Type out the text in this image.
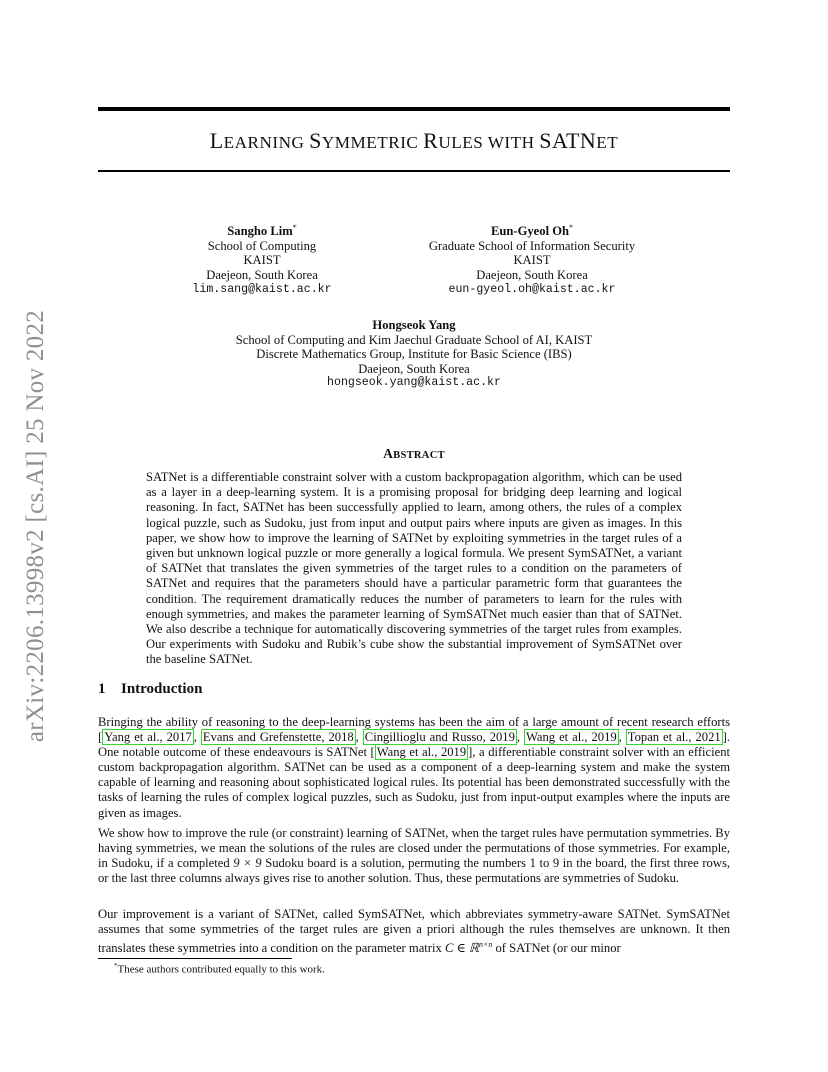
arXiv:2206.13998v2 [cs.AI] 25 Nov 2022
LEARNING SYMMETRIC RULES WITH SATNET
Sangho Lim*
School of Computing
KAIST
Daejeon, South Korea
lim.sang@kaist.ac.kr
Eun-Gyeol Oh*
Graduate School of Information Security
KAIST
Daejeon, South Korea
eun-gyeol.oh@kaist.ac.kr
Hongseok Yang
School of Computing and Kim Jaechul Graduate School of AI, KAIST
Discrete Mathematics Group, Institute for Basic Science (IBS)
Daejeon, South Korea
hongseok.yang@kaist.ac.kr
ABSTRACT

SATNet is a differentiable constraint solver with a custom backpropagation algorithm, which can be used as a layer in a deep-learning system. It is a promising proposal for bridging deep learning and logical reasoning. In fact, SATNet has been successfully applied to learn, among others, the rules of a complex logical puzzle, such as Sudoku, just from input and output pairs where inputs are given as images. In this paper, we show how to improve the learning of SATNet by exploiting symmetries in the target rules of a given but unknown logical puzzle or more generally a logical formula. We present SymSATNet, a variant of SATNet that translates the given symmetries of the target rules to a condition on the parameters of SATNet and requires that the parameters should have a particular parametric form that guarantees the condition. The requirement dramatically reduces the number of parameters to learn for the rules with enough symmetries, and makes the parameter learning of SymSATNet much easier than that of SATNet. We also describe a technique for automatically discovering symmetries of the target rules from examples. Our experiments with Sudoku and Rubik’s cube show the substantial improvement of SymSATNet over the baseline SATNet.

1 Introduction

Bringing the ability of reasoning to the deep-learning systems has been the aim of a large amount of recent research efforts [ Yang et al., 2017 , Evans and Grefenstette, 2018 , Cingillioglu and Russo, 2019 , Wang et al., 2019 , Topan et al., 2021 ]. One notable outcome of these endeavours is SATNet [ Wang et al., 2019 ], a differentiable constraint solver with an efficient custom backpropagation algorithm. SATNet can be used as a component of a deep-learning system and make the system capable of learning and reasoning about sophisticated logical rules. Its potential has been demonstrated successfully with the tasks of learning the rules of complex logical puzzles, such as Sudoku, just from input-output examples where the inputs are given as images.

We show how to improve the rule (or constraint) learning of SATNet, when the target rules have permutation symmetries. By having symmetries, we mean the solutions of the rules are closed under the permutations of those symmetries. For example, in Sudoku, if a completed 9 × 9 Sudoku board is a solution, permuting the numbers 1 to 9 in the board, the first three rows, or the last three columns always gives rise to another solution. Thus, these permutations are symmetries of Sudoku.

Our improvement is a variant of SATNet, called SymSATNet, which abbreviates symmetry-aware SATNet. SymSATNet assumes that some symmetries of the target rules are given a priori although the rules themselves are unknown. It then translates these symmetries into a condition on the parameter matrix C ∈ ℝ$^{n\times n}$ of SATNet (or our minor

*These authors contributed equally to this work.
